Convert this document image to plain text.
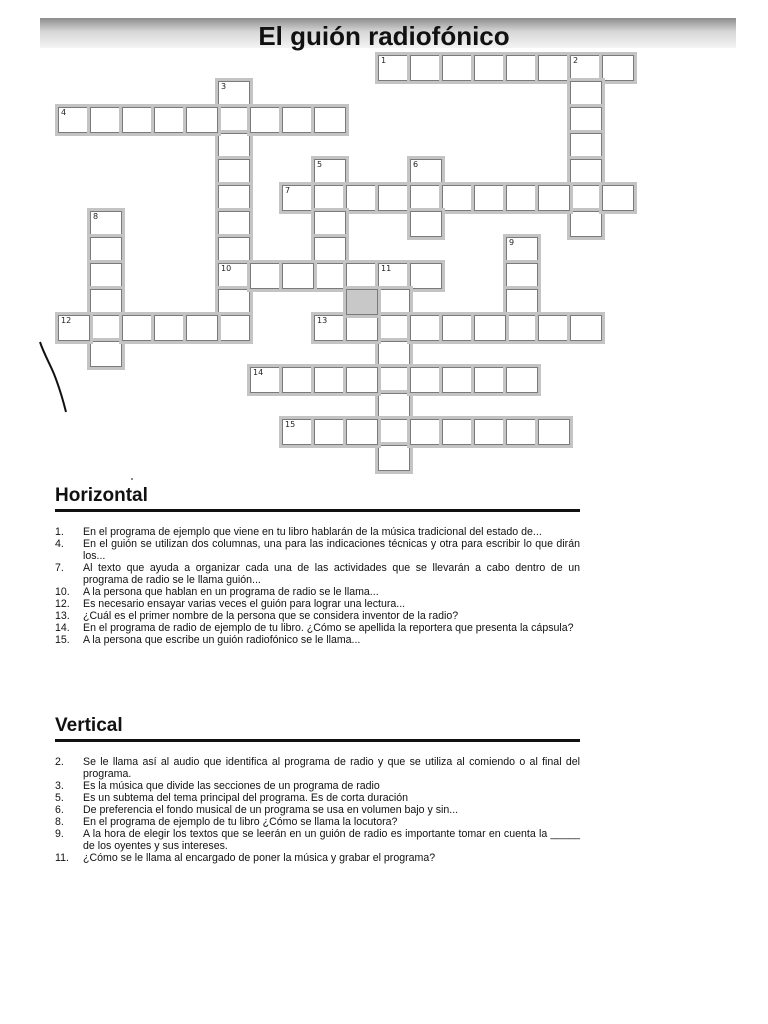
El guión radiofónico
1	2
3
10
4
5	6
7
8
9
11
12	13
14
15
Horizontal
1.	En el programa de ejemplo que viene en tu libro hablarán de la música tradicional del estado de...
4.	En el guión se utilizan dos columnas, una para las indicaciones técnicas y otra para escribir lo que dirán los...
7.	Al texto que ayuda a organizar cada una de las actividades que se llevarán a cabo dentro de un programa de radio se le llama guión...
10.	A la persona que hablan en un programa de radio se le llama...
12.	Es necesario ensayar varias veces el guión para lograr una lectura...
13.	¿Cuál es el primer nombre de la persona que se considera inventor de la radio?
14.	En el programa de radio de ejemplo de tu libro. ¿Cómo se apellida la reportera que presenta la cápsula?
15.	A la persona que escribe un guión radiofónico se le llama...
Vertical
2.	Se le llama así al audio que identifica al programa de radio y que se utiliza al comiendo o al final del programa.
3.	Es la música que divide las secciones de un programa de radio
5.	Es un subtema del tema principal del programa. Es de corta duración
6.	De preferencia el fondo musical de un programa se usa en volumen bajo y sin...
8.	En el programa de ejemplo de tu libro ¿Cómo se llama la locutora?
9.	A la hora de elegir los textos que se leerán en un guión de radio es importante tomar en cuenta la _____ de los oyentes y sus intereses.
11.	¿Cómo se le llama al encargado de poner la música y grabar el programa?
